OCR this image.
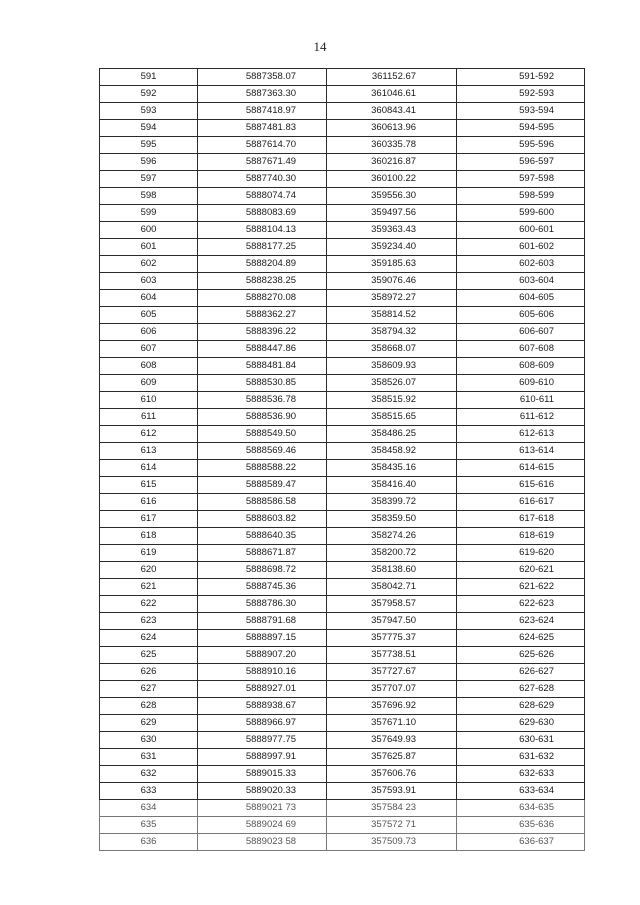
14
591	5887358.07	361152.67	591-592
592	5887363.30	361046.61	592-593
593	5887418.97	360843.41	593-594
594	5887481.83	360613.96	594-595
595	5887614.70	360335.78	595-596
596	5887671.49	360216.87	596-597
597	5887740.30	360100.22	597-598
598	5888074.74	359556.30	598-599
599	5888083.69	359497.56	599-600
600	5888104.13	359363.43	600-601
601	5888177.25	359234.40	601-602
602	5888204.89	359185.63	602-603
603	5888238.25	359076.46	603-604
604	5888270.08	358972.27	604-605
605	5888362.27	358814.52	605-606
606	5888396.22	358794.32	606-607
607	5888447.86	358668.07	607-608
608	5888481.84	358609.93	608-609
609	5888530.85	358526.07	609-610
610	5888536.78	358515.92	610-611
611	5888536.90	358515.65	611-612
612	5888549.50	358486.25	612-613
613	5888569.46	358458.92	613-614
614	5888588.22	358435.16	614-615
615	5888589.47	358416.40	615-616
616	5888586.58	358399.72	616-617
617	5888603.82	358359.50	617-618
618	5888640.35	358274.26	618-619
619	5888671.87	358200.72	619-620
620	5888698.72	358138.60	620-621
621	5888745.36	358042.71	621-622
622	5888786.30	357958.57	622-623
623	5888791.68	357947.50	623-624
624	5888897.15	357775.37	624-625
625	5888907.20	357738.51	625-626
626	5888910.16	357727.67	626-627
627	5888927.01	357707.07	627-628
628	5888938.67	357696.92	628-629
629	5888966.97	357671.10	629-630
630	5888977.75	357649.93	630-631
631	5888997.91	357625.87	631-632
632	5889015.33	357606.76	632-633
633	5889020.33	357593.91	633-634
634	5889021 73	357584 23	634-635
635	5889024 69	357572 71	635-636
636	5889023 58	357509.73	636-637
